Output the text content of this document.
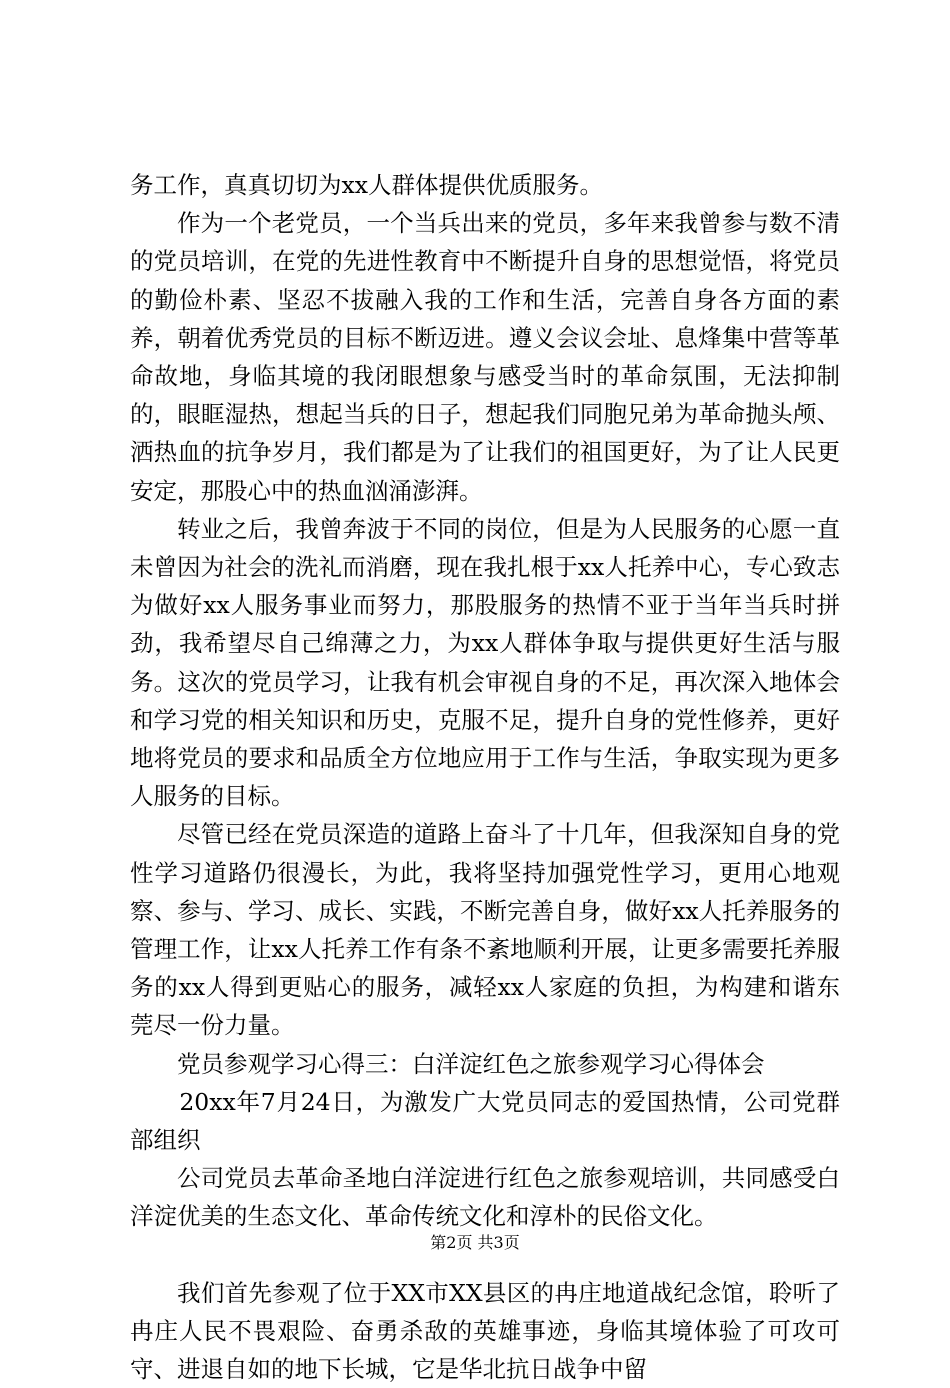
务工作，真真切切为xx人群体提供优质服务。

作为一个老党员，一个当兵出来的党员，多年来我曾参与数不清的党员培训，在党的先进性教育中不断提升自身的思想觉悟，将党员的勤俭朴素、坚忍不拔融入我的工作和生活，完善自身各方面的素养，朝着优秀党员的目标不断迈进。遵义会议会址、息烽集中营等革命故地，身临其境的我闭眼想象与感受当时的革命氛围，无法抑制的，眼眶湿热，想起当兵的日子，想起我们同胞兄弟为革命抛头颅、洒热血的抗争岁月，我们都是为了让我们的祖国更好，为了让人民更安定，那股心中的热血汹涌澎湃。

转业之后，我曾奔波于不同的岗位，但是为人民服务的心愿一直未曾因为社会的洗礼而消磨，现在我扎根于xx人托养中心，专心致志为做好xx人服务事业而努力，那股服务的热情不亚于当年当兵时拼劲，我希望尽自己绵薄之力，为xx人群体争取与提供更好生活与服务。这次的党员学习，让我有机会审视自身的不足，再次深入地体会和学习党的相关知识和历史，克服不足，提升自身的党性修养，更好地将党员的要求和品质全方位地应用于工作与生活，争取实现为更多人服务的目标。

尽管已经在党员深造的道路上奋斗了十几年，但我深知自身的党性学习道路仍很漫长，为此，我将坚持加强党性学习，更用心地观察、参与、学习、成长、实践，不断完善自身，做好xx人托养服务的管理工作，让xx人托养工作有条不紊地顺利开展，让更多需要托养服务的xx人得到更贴心的服务，减轻xx人家庭的负担，为构建和谐东莞尽一份力量。

党员参观学习心得三：白洋淀红色之旅参观学习心得体会

20xx年7月24日，为激发广大党员同志的爱国热情，公司党群部组织

公司党员去革命圣地白洋淀进行红色之旅参观培训，共同感受白洋淀优美的生态文化、革命传统文化和淳朴的民俗文化。

我们首先参观了位于XX市XX县区的冉庄地道战纪念馆，聆听了冉庄人民不畏艰险、奋勇杀敌的英雄事迹，身临其境体验了可攻可守、进退自如的地下长城，它是华北抗日战争中留

第2页 共3页
